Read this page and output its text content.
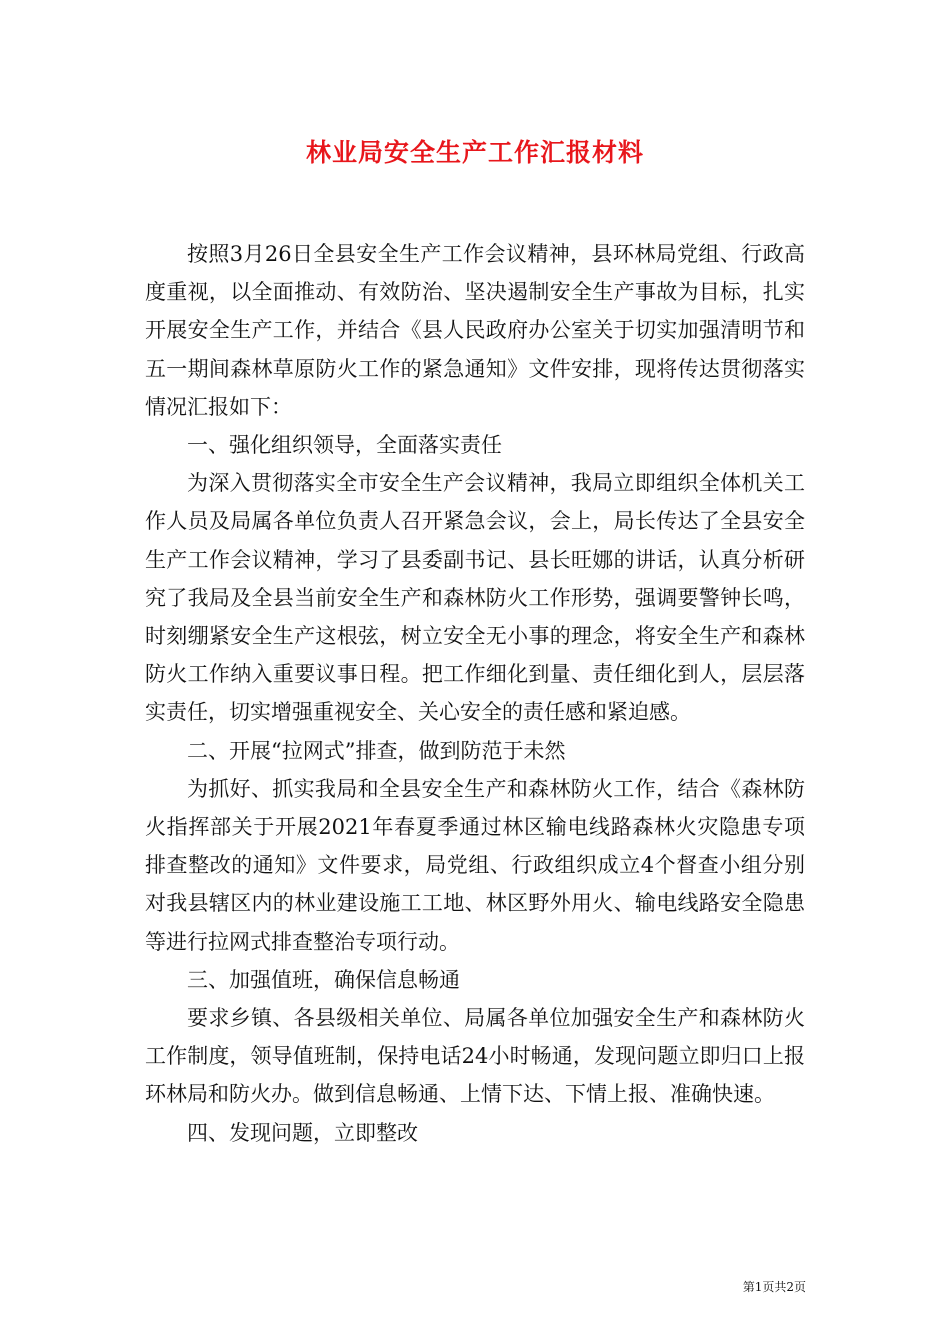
林业局安全生产工作汇报材料

按照3月26日全县安全生产工作会议精神，县环林局党组、行政高度重视，以全面推动、有效防治、坚决遏制安全生产事故为目标，扎实开展安全生产工作，并结合《县人民政府办公室关于切实加强清明节和五一期间森林草原防火工作的紧急通知》文件安排，现将传达贯彻落实情况汇报如下：

一、强化组织领导，全面落实责任

为深入贯彻落实全市安全生产会议精神，我局立即组织全体机关工作人员及局属各单位负责人召开紧急会议，会上，局长传达了全县安全生产工作会议精神，学习了县委副书记、县长旺娜的讲话，认真分析研究了我局及全县当前安全生产和森林防火工作形势，强调要警钟长鸣，时刻绷紧安全生产这根弦，树立安全无小事的理念，将安全生产和森林防火工作纳入重要议事日程。把工作细化到量、责任细化到人，层层落实责任，切实增强重视安全、关心安全的责任感和紧迫感。

二、开展“拉网式”排查，做到防范于未然

为抓好、抓实我局和全县安全生产和森林防火工作，结合《森林防火指挥部关于开展2021年春夏季通过林区输电线路森林火灾隐患专项排查整改的通知》文件要求，局党组、行政组织成立4个督查小组分别对我县辖区内的林业建设施工工地、林区野外用火、输电线路安全隐患等进行拉网式排查整治专项行动。

三、加强值班，确保信息畅通

要求乡镇、各县级相关单位、局属各单位加强安全生产和森林防火工作制度，领导值班制，保持电话24小时畅通，发现问题立即归口上报环林局和防火办。做到信息畅通、上情下达、下情上报、准确快速。

四、发现问题，立即整改

第1页共2页
